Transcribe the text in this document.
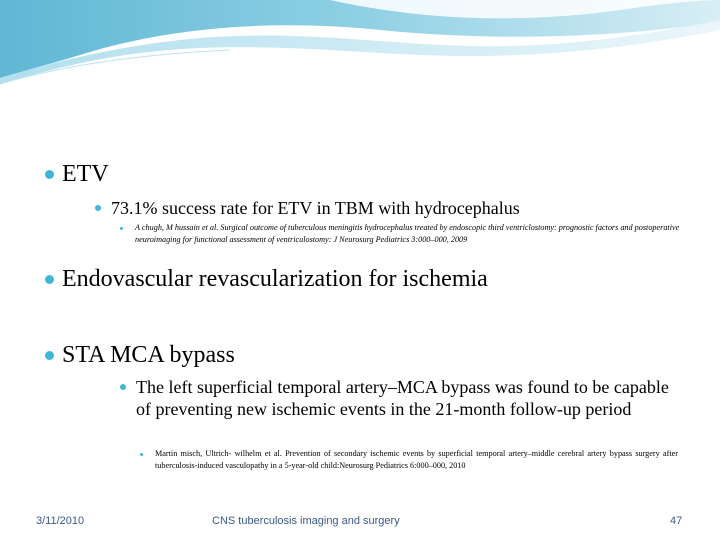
ETV
73.1% success rate for ETV in TBM with hydrocephalus
A chugh, M hussain et al. Surgical outcome of tuberculous meningitis hydrocephalus treated by endoscopic third ventriclostomy: prognostic factors and postoperative neuroimaging for functional assessment of ventriculostomy: J Neurosurg Pediatrics 3:000–000, 2009
Endovascular revascularization for ischemia
STA MCA bypass
The left superficial temporal artery–MCA bypass was found to be capable of preventing new ischemic events in the 21-month follow-up period
Martin misch, Ultrich- wilhelm et al. Prevention of secondary ischemic events by superficial temporal artery–middle cerebral artery bypass surgery after tuberculosis-induced vasculopathy in a 5-year-old child:Neurosurg Pediatrics 6:000–000, 2010
3/11/2010	CNS tuberculosis imaging and surgery	47
